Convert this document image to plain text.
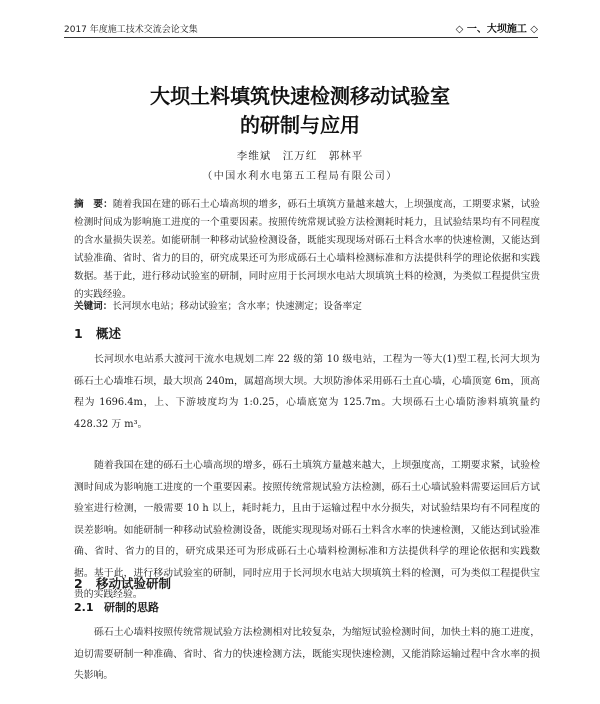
2017 年度施工技术交流会论文集	◇ 一、大坝施工 ◇
大坝土料填筑快速检测移动试验室
的研制与应用
李维斌　江万红　郭林平
（中国水利水电第五工程局有限公司）
摘　要：随着我国在建的砾石土心墙高坝的增多，砾石土填筑方量越来越大，上坝强度高，工期要求紧，试验检测时间成为影响施工进度的一个重要因素。按照传统常规试验方法检测耗时耗力，且试验结果均有不同程度的含水量损失误差。如能研制一种移动试验检测设备，既能实现现场对砾石土料含水率的快速检测，又能达到试验准确、省时、省力的目的，研究成果还可为形成砾石土心墙料检测标准和方法提供科学的理论依据和实践数据。基于此，进行移动试验室的研制，同时应用于长河坝水电站大坝填筑土料的检测，为类似工程提供宝贵的实践经验。
关键词：长河坝水电站；移动试验室；含水率；快速测定；设备率定
1 概述
长河坝水电站系大渡河干流水电规划二库 22 级的第 10 级电站，工程为一等大(1)型工程,长河大坝为砾石土心墙堆石坝，最大坝高 240m，属超高坝大坝。大坝防渗体采用砾石土直心墙，心墙顶宽 6m，顶高程为 1696.4m，上、下游坡度均为 1:0.25，心墙底宽为 125.7m。大坝砾石土心墙防渗料填筑量约 428.32 万 m³。
随着我国在建的砾石土心墙高坝的增多，砾石土填筑方量越来越大，上坝强度高，工期要求紧，试验检测时间成为影响施工进度的一个重要因素。按照传统常规试验方法检测，砾石土心墙试验料需要运回后方试验室进行检测，一般需要 10 h 以上，耗时耗力，且由于运输过程中水分损失，对试验结果均有不同程度的误差影响。如能研制一种移动试验检测设备，既能实现现场对砾石土料含水率的快速检测，又能达到试验准确、省时、省力的目的，研究成果还可为形成砾石土心墙料检测标准和方法提供科学的理论依据和实践数据。基于此，进行移动试验室的研制，同时应用于长河坝水电站大坝填筑土料的检测，可为类似工程提供宝贵的实践经验。
2 移动试验研制
2.1 研制的思路
砾石土心墙料按照传统常规试验方法检测相对比较复杂，为缩短试验检测时间，加快土料的施工进度，迫切需要研制一种准确、省时、省力的快速检测方法，既能实现快速检测，又能消除运输过程中含水率的损失影响。
